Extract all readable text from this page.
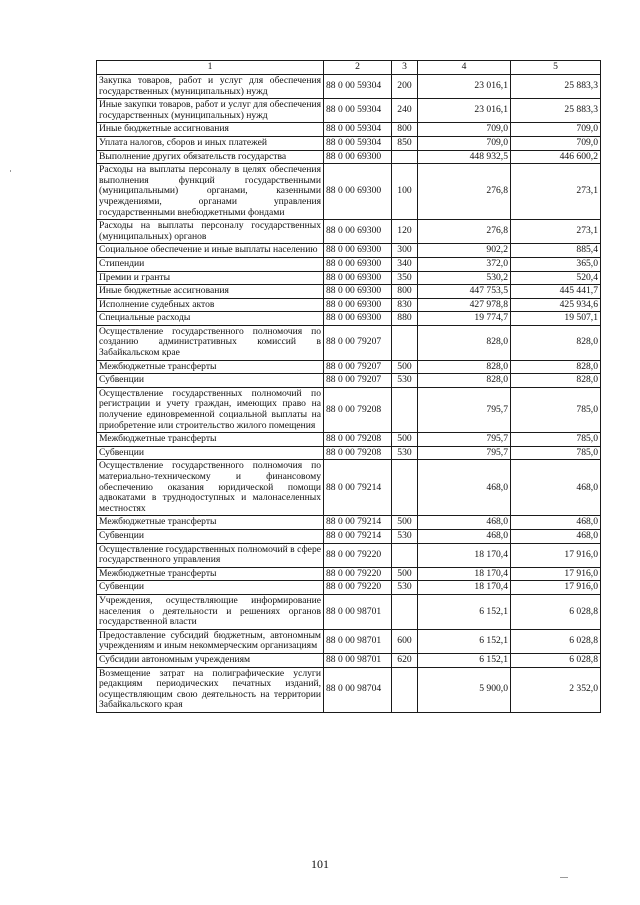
1	2	3	4	5
Закупка товаров, работ и услуг для обеспечения государственных (муниципальных) нужд	88 0 00 59304	200	23 016,1	25 883,3
Иные закупки товаров, работ и услуг для обеспечения государственных (муниципальных) нужд	88 0 00 59304	240	23 016,1	25 883,3
Иные бюджетные ассигнования	88 0 00 59304	800	709,0	709,0
Уплата налогов, сборов и иных платежей	88 0 00 59304	850	709,0	709,0
Выполнение других обязательств государства	88 0 00 69300		448 932,5	446 600,2
Расходы на выплаты персоналу в целях обеспечения выполнения функций государственными (муниципальными) органами, казенными учреждениями, органами управления государственными внебюджетными фондами	88 0 00 69300	100	276,8	273,1
Расходы на выплаты персоналу государственных (муниципальных) органов	88 0 00 69300	120	276,8	273,1
Социальное обеспечение и иные выплаты населению	88 0 00 69300	300	902,2	885,4
Стипендии	88 0 00 69300	340	372,0	365,0
Премии и гранты	88 0 00 69300	350	530,2	520,4
Иные бюджетные ассигнования	88 0 00 69300	800	447 753,5	445 441,7
Исполнение судебных актов	88 0 00 69300	830	427 978,8	425 934,6
Специальные расходы	88 0 00 69300	880	19 774,7	19 507,1
Осуществление государственного полномочия по созданию административных комиссий в Забайкальском крае	88 0 00 79207		828,0	828,0
Межбюджетные трансферты	88 0 00 79207	500	828,0	828,0
Субвенции	88 0 00 79207	530	828,0	828,0
Осуществление государственных полномочий по регистрации и учету граждан, имеющих право на получение единовременной социальной выплаты на приобретение или строительство жилого помещения	88 0 00 79208		795,7	785,0
Межбюджетные трансферты	88 0 00 79208	500	795,7	785,0
Субвенции	88 0 00 79208	530	795,7	785,0
Осуществление государственного полномочия по материально-техническому и финансовому обеспечению оказания юридической помощи адвокатами в труднодоступных и малонаселенных местностях	88 0 00 79214		468,0	468,0
Межбюджетные трансферты	88 0 00 79214	500	468,0	468,0
Субвенции	88 0 00 79214	530	468,0	468,0
Осуществление государственных полномочий в сфере государственного управления	88 0 00 79220		18 170,4	17 916,0
Межбюджетные трансферты	88 0 00 79220	500	18 170,4	17 916,0
Субвенции	88 0 00 79220	530	18 170,4	17 916,0
Учреждения, осуществляющие информирование населения о деятельности и решениях органов государственной власти	88 0 00 98701		6 152,1	6 028,8
Предоставление субсидий бюджетным, автономным учреждениям и иным некоммерческим организациям	88 0 00 98701	600	6 152,1	6 028,8
Субсидии автономным учреждениям	88 0 00 98701	620	6 152,1	6 028,8
Возмещение затрат на полиграфические услуги редакциям периодических печатных изданий, осуществляющим свою деятельность на территории Забайкальского края	88 0 00 98704		5 900,0	2 352,0
101
